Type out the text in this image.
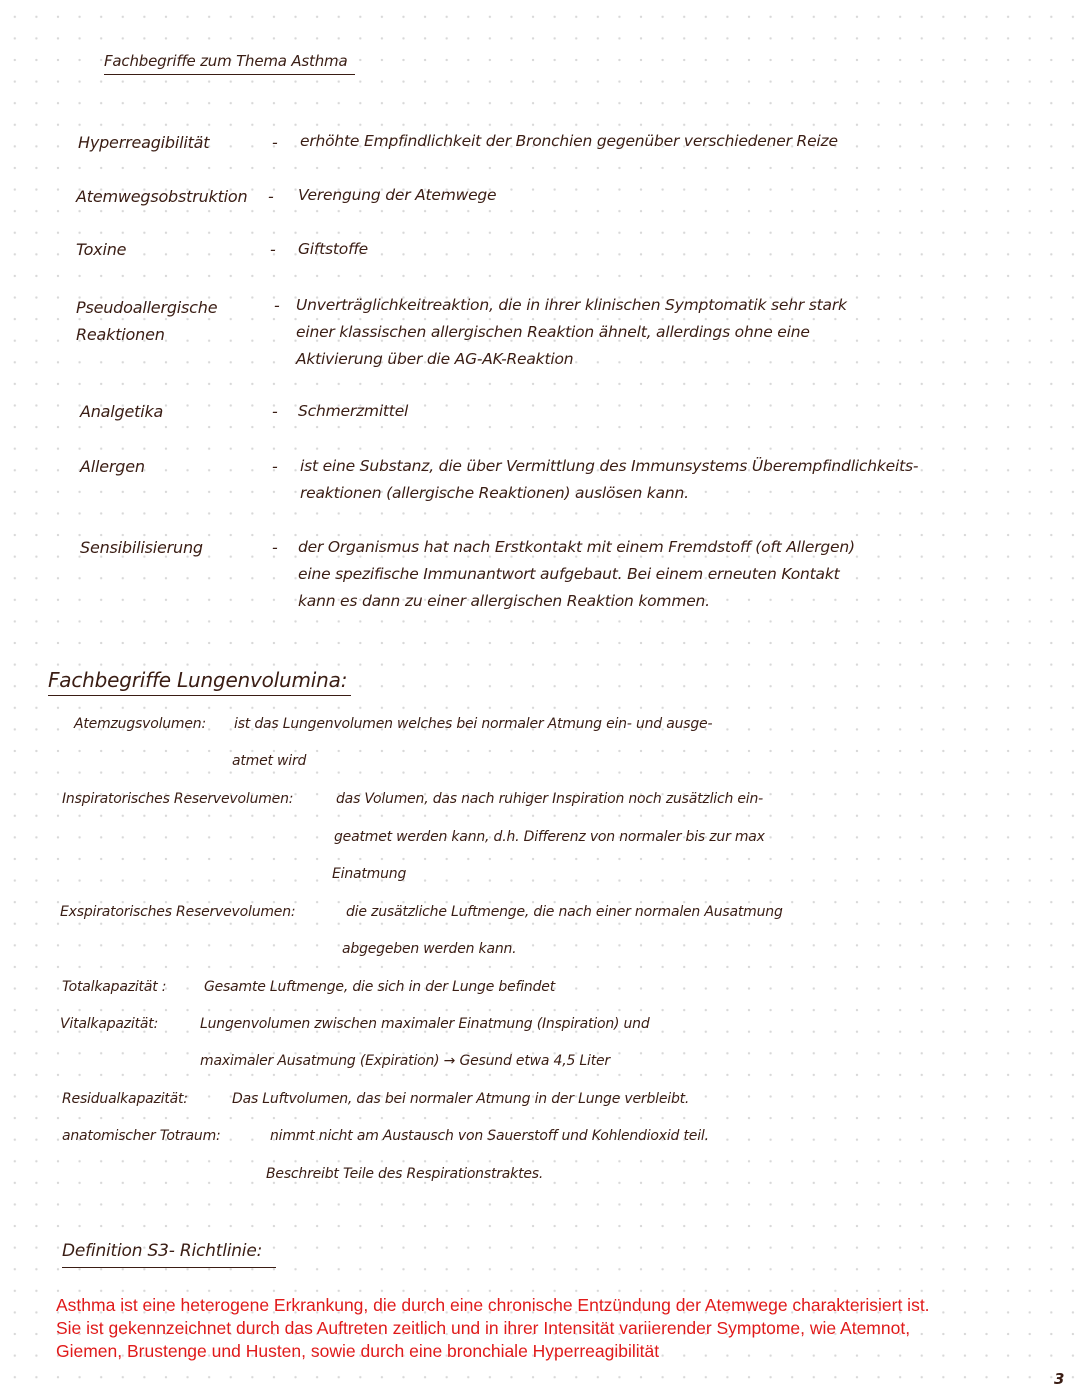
Fachbegriffe zum Thema Asthma
Hyperreagibilität	- erhöhte Empfindlichkeit der Bronchien gegenüber verschiedener Reize
Atemwegsobstruktion - Verengung der Atemwege
Toxine	- Giftstoffe
Pseudoallergische
Reaktionen
- Unverträglichkeitreaktion, die in ihrer klinischen Symptomatik sehr stark
einer klassischen allergischen Reaktion ähnelt, allerdings ohne eine
Aktivierung über die AG-AK-Reaktion
Analgetika	- Schmerzmittel
Allergen	- ist eine Substanz, die über Vermittlung des Immunsystems Überempfindlichkeits-
reaktionen (allergische Reaktionen) auslösen kann.
Sensibilisierung	- der Organismus hat nach Erstkontakt mit einem Fremdstoff (oft Allergen)
eine spezifische Immunantwort aufgebaut. Bei einem erneuten Kontakt
kann es dann zu einer allergischen Reaktion kommen.
Fachbegriffe Lungenvolumina:
Atemzugsvolumen: ist das Lungenvolumen welches bei normaler Atmung ein- und ausge-
atmet wird
Inspiratorisches Reservevolumen:	das Volumen, das nach ruhiger Inspiration noch zusätzlich ein-
geatmet werden kann, d.h. Differenz von normaler bis zur max
Einatmung
Exspiratorisches Reservevolumen:	die zusätzliche Luftmenge, die nach einer normalen Ausatmung
abgegeben werden kann.
Totalkapazität :	Gesamte Luftmenge, die sich in der Lunge befindet
Vitalkapazität:	Lungenvolumen zwischen maximaler Einatmung (Inspiration) und
maximaler Ausatmung (Expiration) → Gesund etwa 4,5 Liter
Residualkapazität:	Das Luftvolumen, das bei normaler Atmung in der Lunge verbleibt.
anatomischer Totraum:	nimmt nicht am Austausch von Sauerstoff und Kohlendioxid teil.
Beschreibt Teile des Respirationstraktes.
Definition S3- Richtlinie:
Asthma ist eine heterogene Erkrankung, die durch eine chronische Entzündung der Atemwege charakterisiert ist. Sie ist gekennzeichnet durch das Auftreten zeitlich und in ihrer Intensität variierender Symptome, wie Atemnot, Giemen, Brustenge und Husten, sowie durch eine bronchiale Hyperreagibilität
3
